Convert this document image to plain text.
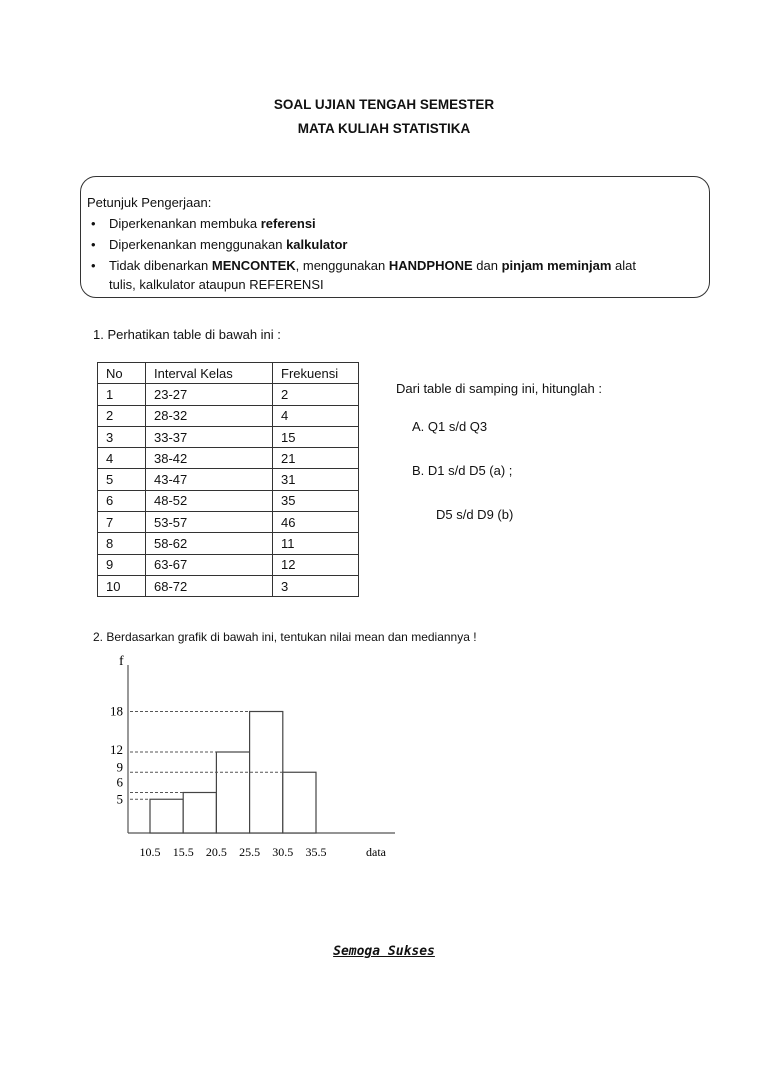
SOAL UJIAN TENGAH SEMESTER
MATA KULIAH STATISTIKA
Petunjuk Pengerjaan:
• Diperkenankan membuka referensi
• Diperkenankan menggunakan kalkulator
• Tidak dibenarkan MENCONTEK, menggunakan HANDPHONE dan pinjam meminjam alat
tulis, kalkulator ataupun REFERENSI
1. Perhatikan table di bawah ini :
No	Interval Kelas	Frekuensi
1	23-27	2
2	28-32	4
3	33-37	15
4	38-42	21
5	43-47	31
6	48-52	35
7	53-57	46
8	58-62	11
9	63-67	12
10	68-72	3
Dari table di samping ini, hitunglah :
A. Q1 s/d Q3
B. D1 s/d D5 (a) ;
D5 s/d D9 (b)
2. Berdasarkan grafik di bawah ini, tentukan nilai mean dan mediannya !
f
data
5
6
9
12
18
10.5 15.5 20.5 25.5 30.5 35.5
Semoga Sukses
